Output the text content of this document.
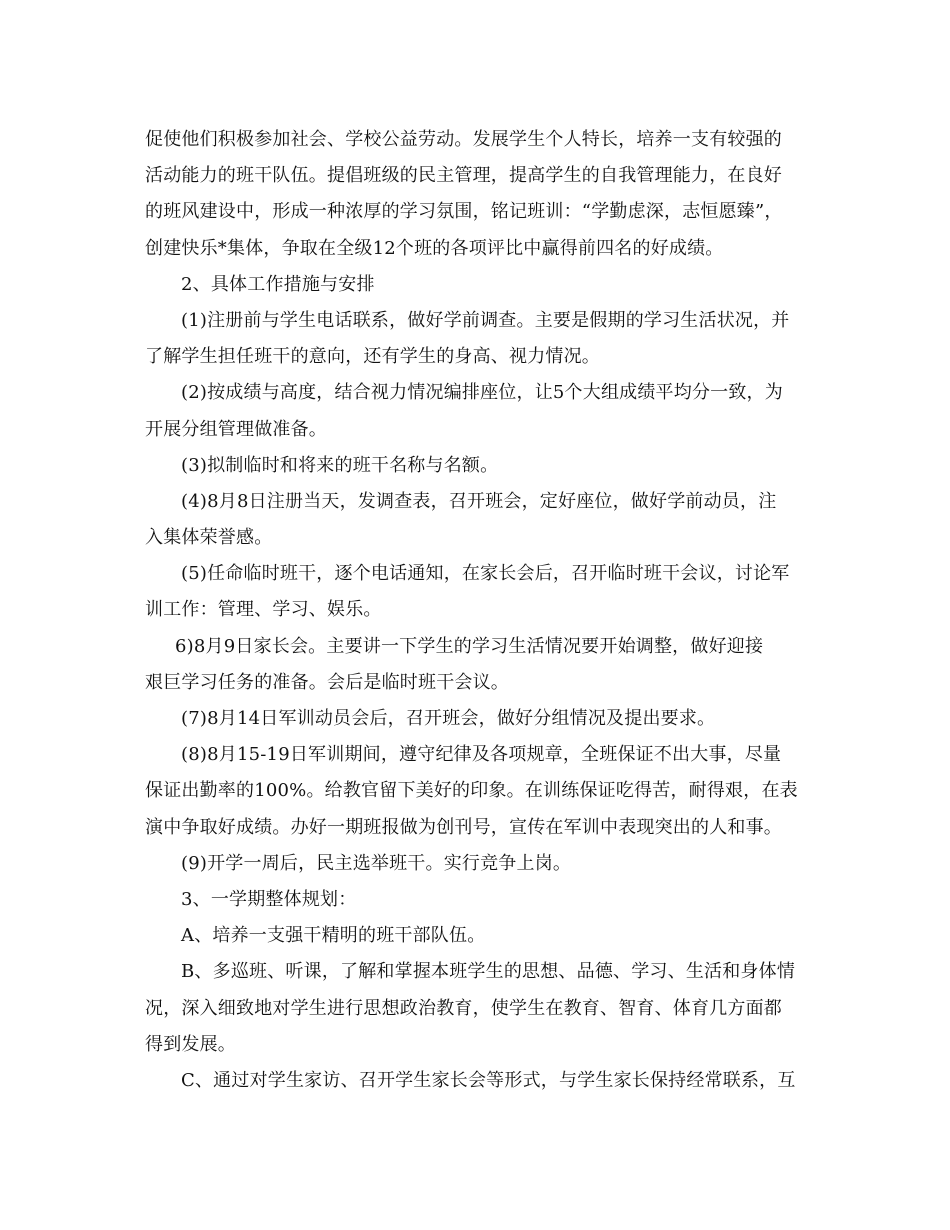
促使他们积极参加社会、学校公益劳动。发展学生个人特长，培养一支有较强的
活动能力的班干队伍。提倡班级的民主管理，提高学生的自我管理能力，在良好
的班风建设中，形成一种浓厚的学习氛围，铭记班训：“学勤虑深，志恒愿臻”，
创建快乐*集体，争取在全级12个班的各项评比中赢得前四名的好成绩。
2、具体工作措施与安排
(1)注册前与学生电话联系，做好学前调查。主要是假期的学习生活状况，并
了解学生担任班干的意向，还有学生的身高、视力情况。
(2)按成绩与高度，结合视力情况编排座位，让5个大组成绩平均分一致，为
开展分组管理做准备。
(3)拟制临时和将来的班干名称与名额。
(4)8月8日注册当天，发调查表，召开班会，定好座位，做好学前动员，注
入集体荣誉感。
(5)任命临时班干，逐个电话通知，在家长会后，召开临时班干会议，讨论军
训工作：管理、学习、娱乐。
6)8月9日家长会。主要讲一下学生的学习生活情况要开始调整，做好迎接
艰巨学习任务的准备。会后是临时班干会议。
(7)8月14日军训动员会后，召开班会，做好分组情况及提出要求。
(8)8月15-19日军训期间，遵守纪律及各项规章，全班保证不出大事，尽量
保证出勤率的100%。给教官留下美好的印象。在训练保证吃得苦，耐得艰，在表
演中争取好成绩。办好一期班报做为创刊号，宣传在军训中表现突出的人和事。
(9)开学一周后，民主选举班干。实行竞争上岗。
3、一学期整体规划：
A、培养一支强干精明的班干部队伍。
B、多巡班、听课，了解和掌握本班学生的思想、品德、学习、生活和身体情
况，深入细致地对学生进行思想政治教育，使学生在教育、智育、体育几方面都
得到发展。
C、通过对学生家访、召开学生家长会等形式，与学生家长保持经常联系，互
